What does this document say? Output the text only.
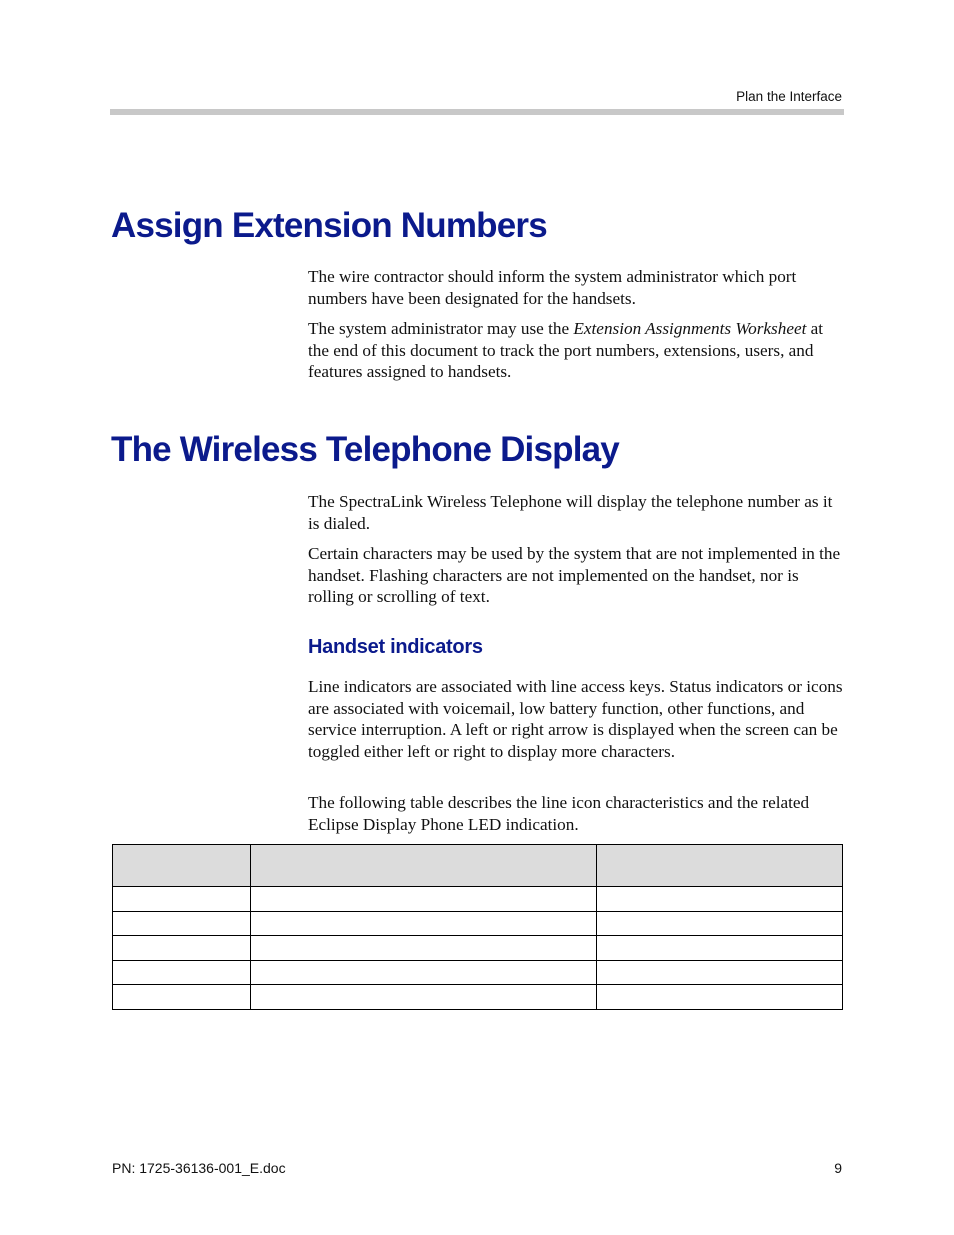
Plan the Interface
Assign Extension Numbers

The wire contractor should inform the system administrator which port numbers have been designated for the handsets.

The system administrator may use the Extension Assignments Worksheet at the end of this document to track the port numbers, extensions, users, and features assigned to handsets.

The Wireless Telephone Display

The SpectraLink Wireless Telephone will display the telephone number as it is dialed.

Certain characters may be used by the system that are not implemented in the handset. Flashing characters are not implemented on the handset, nor is rolling or scrolling of text.

Handset indicators

Line indicators are associated with line access keys. Status indicators or icons are associated with voicemail, low battery function, other functions, and service interruption. A left or right arrow is displayed when the screen can be toggled either left or right to display more characters.

The following table describes the line icon characteristics and the related Eclipse Display Phone LED indication.

PN: 1725-36136-001_E.doc	9
